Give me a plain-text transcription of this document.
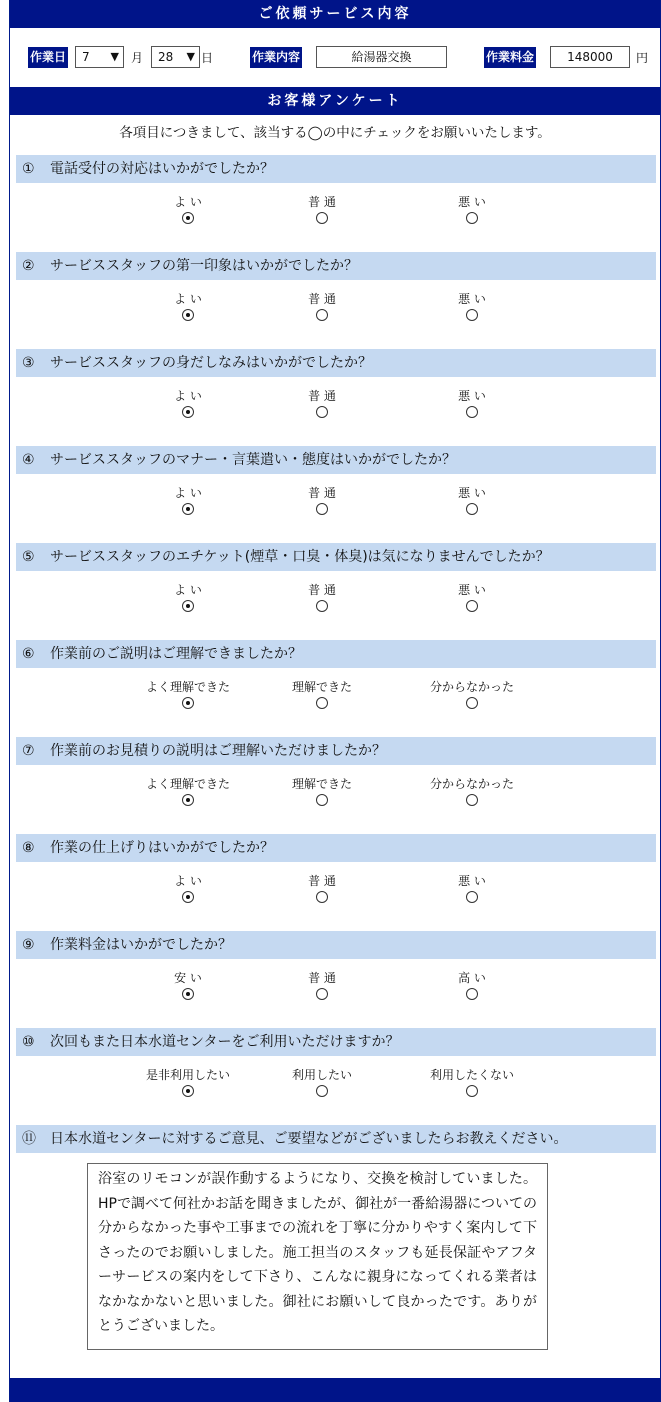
ご依頼サービス内容
作業日	7 ▼ 月	28 ▼ 日	作業内容	給湯器交換	作業料金	148000	円
お客様アンケート
各項目につきまして、該当する◯の中にチェックをお願いいたします。
① 電話受付の対応はいかがでしたか？
よ い	普 通	悪 い
② サービススタッフの第一印象はいかがでしたか？
よ い	普 通	悪 い
③ サービススタッフの身だしなみはいかがでしたか？
よ い	普 通	悪 い
④ サービススタッフのマナー・言葉遣い・態度はいかがでしたか？
よ い	普 通	悪 い
⑤ サービススタッフのエチケット(煙草・口臭・体臭)は気になりませんでしたか？
よ い	普 通	悪 い
⑥ 作業前のご説明はご理解できましたか？
よく理解できた	理解できた	分からなかった
⑦ 作業前のお見積りの説明はご理解いただけましたか？
よく理解できた	理解できた	分からなかった
⑧ 作業の仕上げりはいかがでしたか？
よ い	普 通	悪 い
⑨ 作業料金はいかがでしたか？
安 い	普 通	高 い
⑩ 次回もまた日本水道センターをご利用いただけますか？
是非利用したい	利用したい	利用したくない
⑪ 日本水道センターに対するご意見、ご要望などがございましたらお教えください。
浴室のリモコンが誤作動するようになり、交換を検討していました。HPで調べて何社かお話を聞きましたが、御社が一番給湯器についての分からなかった事や工事までの流れを丁寧に分かりやすく案内して下さったのでお願いしました。施工担当のスタッフも延長保証やアフターサービスの案内をして下さり、こんなに親身になってくれる業者はなかなかないと思いました。御社にお願いして良かったです。ありがとうございました。
